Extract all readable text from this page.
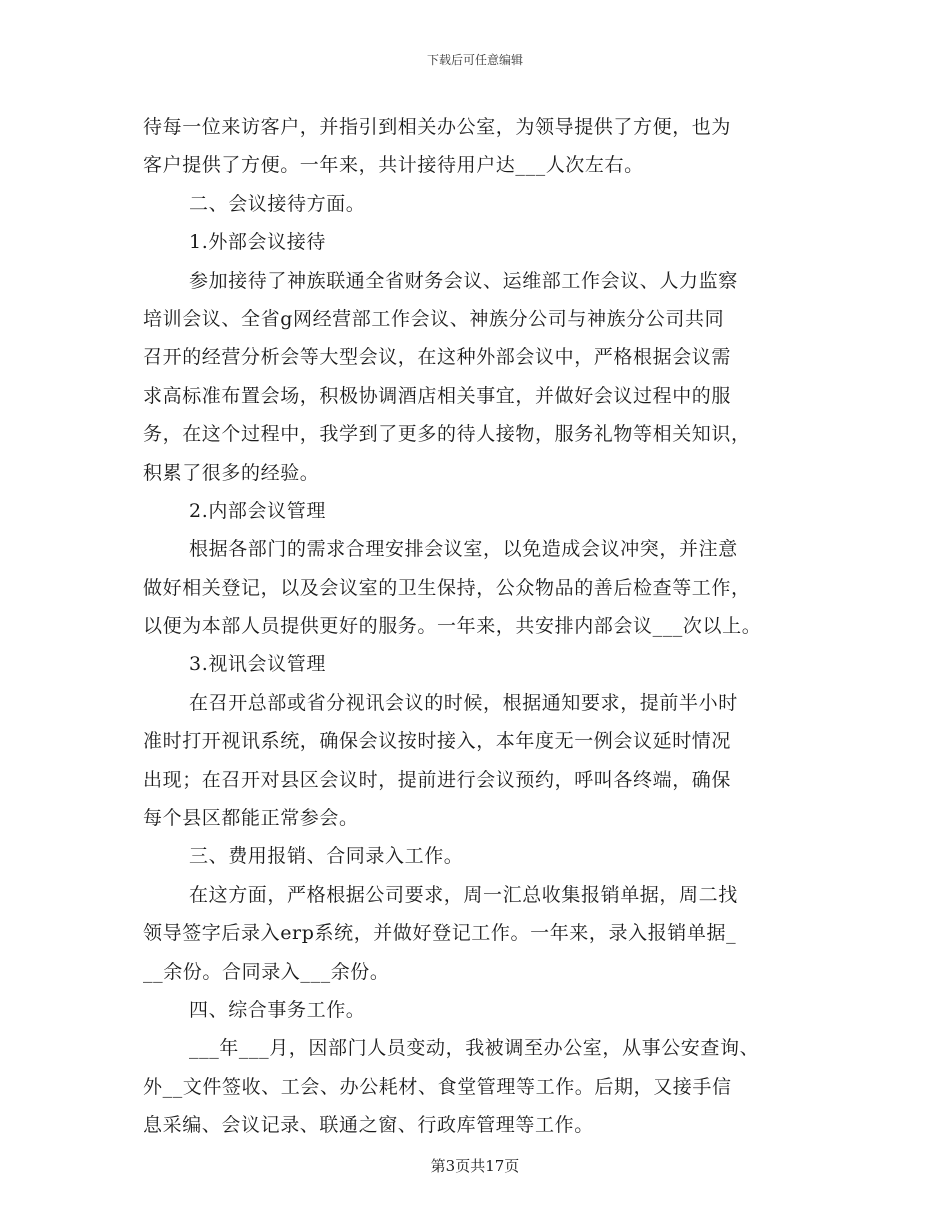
下载后可任意编辑
待每一位来访客户，并指引到相关办公室，为领导提供了方便，也为
客户提供了方便。一年来，共计接待用户达___人次左右。
二、会议接待方面。
1.外部会议接待
参加接待了神族联通全省财务会议、运维部工作会议、人力监察
培训会议、全省g网经营部工作会议、神族分公司与神族分公司共同
召开的经营分析会等大型会议，在这种外部会议中，严格根据会议需
求高标准布置会场，积极协调酒店相关事宜，并做好会议过程中的服
务，在这个过程中，我学到了更多的待人接物，服务礼物等相关知识，
积累了很多的经验。
2.内部会议管理
根据各部门的需求合理安排会议室，以免造成会议冲突，并注意
做好相关登记，以及会议室的卫生保持，公众物品的善后检查等工作，
以便为本部人员提供更好的服务。一年来，共安排内部会议___次以上。
3.视讯会议管理
在召开总部或省分视讯会议的时候，根据通知要求，提前半小时
准时打开视讯系统，确保会议按时接入，本年度无一例会议延时情况
出现；在召开对县区会议时，提前进行会议预约，呼叫各终端，确保
每个县区都能正常参会。
三、费用报销、合同录入工作。
在这方面，严格根据公司要求，周一汇总收集报销单据，周二找
领导签字后录入erp系统，并做好登记工作。一年来，录入报销单据_
__余份。合同录入___余份。
四、综合事务工作。
___年___月，因部门人员变动，我被调至办公室，从事公安查询、
外__文件签收、工会、办公耗材、食堂管理等工作。后期，又接手信
息采编、会议记录、联通之窗、行政库管理等工作。
第3页共17页
